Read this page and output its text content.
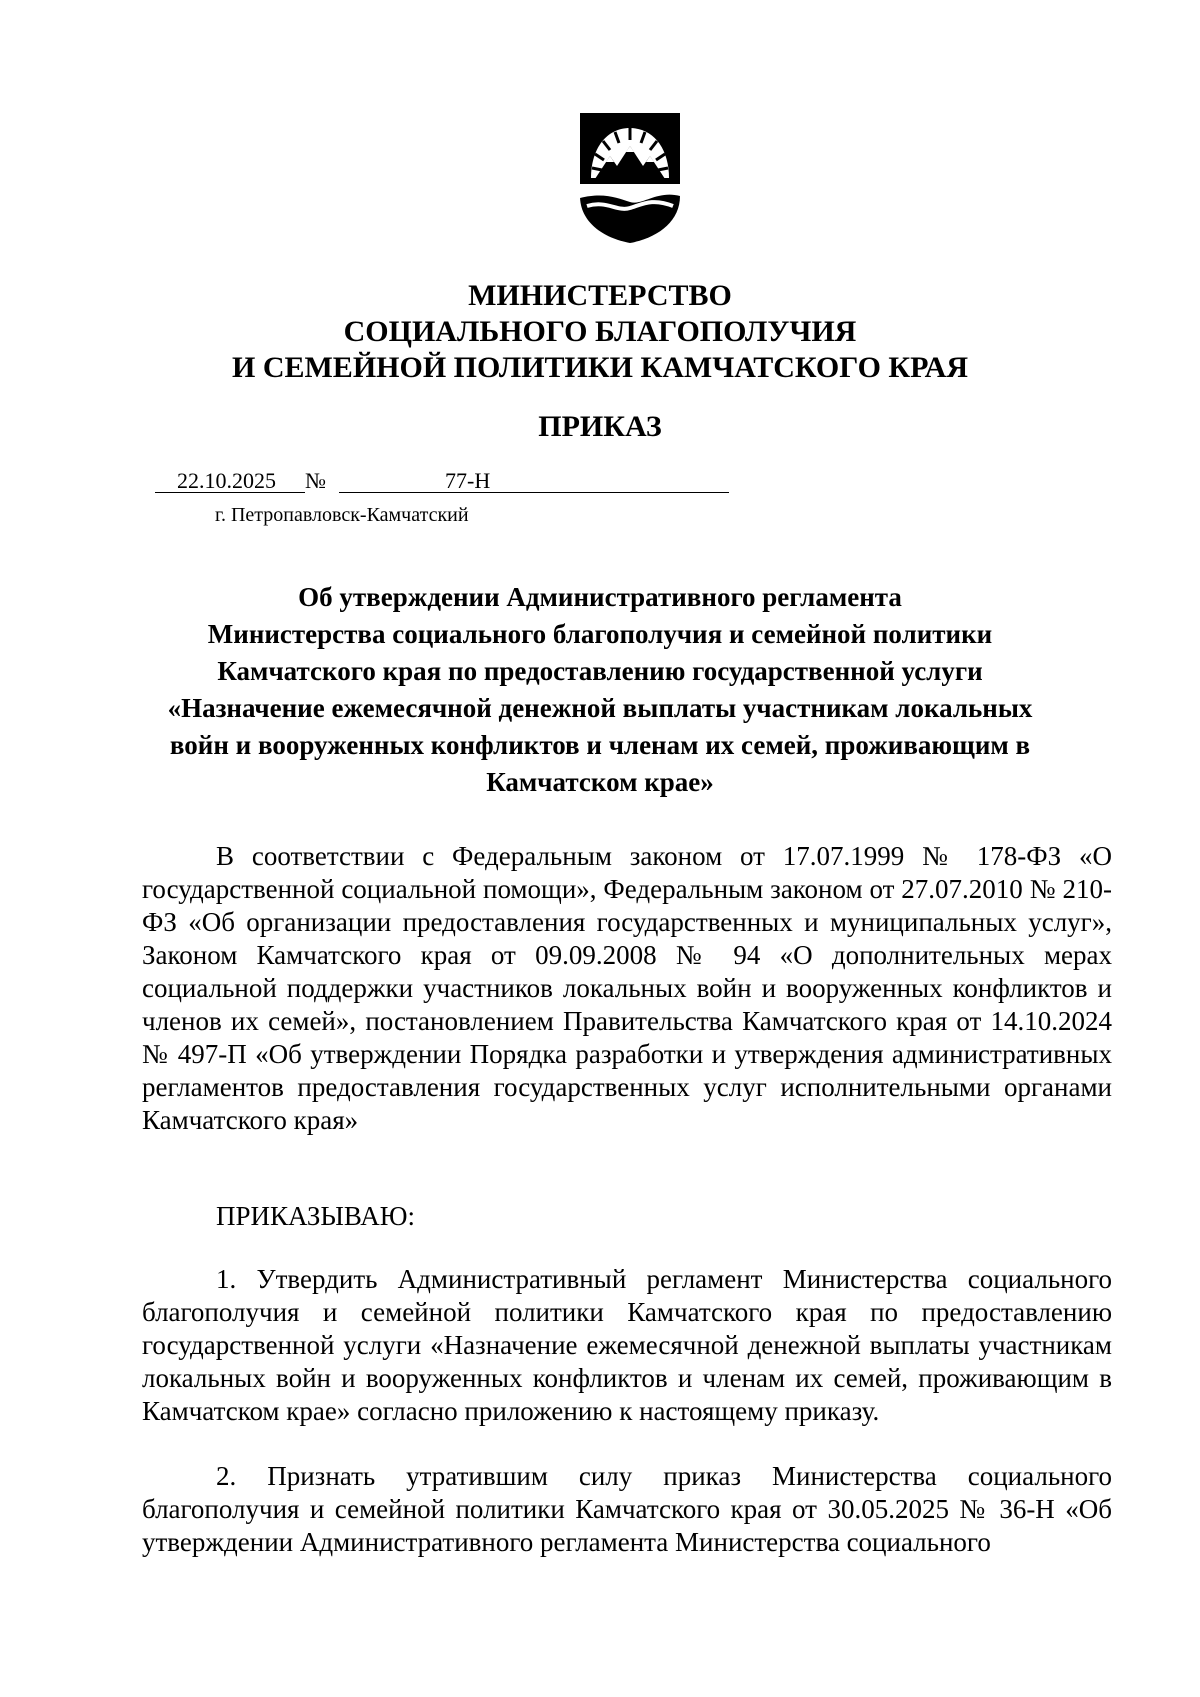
МИНИСТЕРСТВО
СОЦИАЛЬНОГО БЛАГОПОЛУЧИЯ
И СЕМЕЙНОЙ ПОЛИТИКИ КАМЧАТСКОГО КРАЯ
ПРИКАЗ
22.10.2025 №	77-Н
г. Петропавловск-Камчатский
Об утверждении Административного регламента
Министерства социального благополучия и семейной политики
Камчатского края по предоставлению государственной услуги
«Назначение ежемесячной денежной выплаты участникам локальных
войн и вооруженных конфликтов и членам их семей, проживающим в
Камчатском крае»
В соответствии с Федеральным законом от 17.07.1999 № 178-ФЗ «О государственной социальной помощи», Федеральным законом от 27.07.2010 № 210-ФЗ «Об организации предоставления государственных и муниципальных услуг», Законом Камчатского края от 09.09.2008 № 94 «О дополнительных мерах социальной поддержки участников локальных войн и вооруженных конфликтов и членов их семей», постановлением Правительства Камчатского края от 14.10.2024 № 497-П «Об утверждении Порядка разработки и утверждения административных регламентов предоставления государственных услуг исполнительными органами Камчатского края»
ПРИКАЗЫВАЮ:
1. Утвердить Административный регламент Министерства социального благополучия и семейной политики Камчатского края по предоставлению государственной услуги «Назначение ежемесячной денежной выплаты участникам локальных войн и вооруженных конфликтов и членам их семей, проживающим в Камчатском крае» согласно приложению к настоящему приказу.
2. Признать утратившим силу приказ Министерства социального благополучия и семейной политики Камчатского края от 30.05.2025 № 36-Н «Об утверждении Административного регламента Министерства социального
